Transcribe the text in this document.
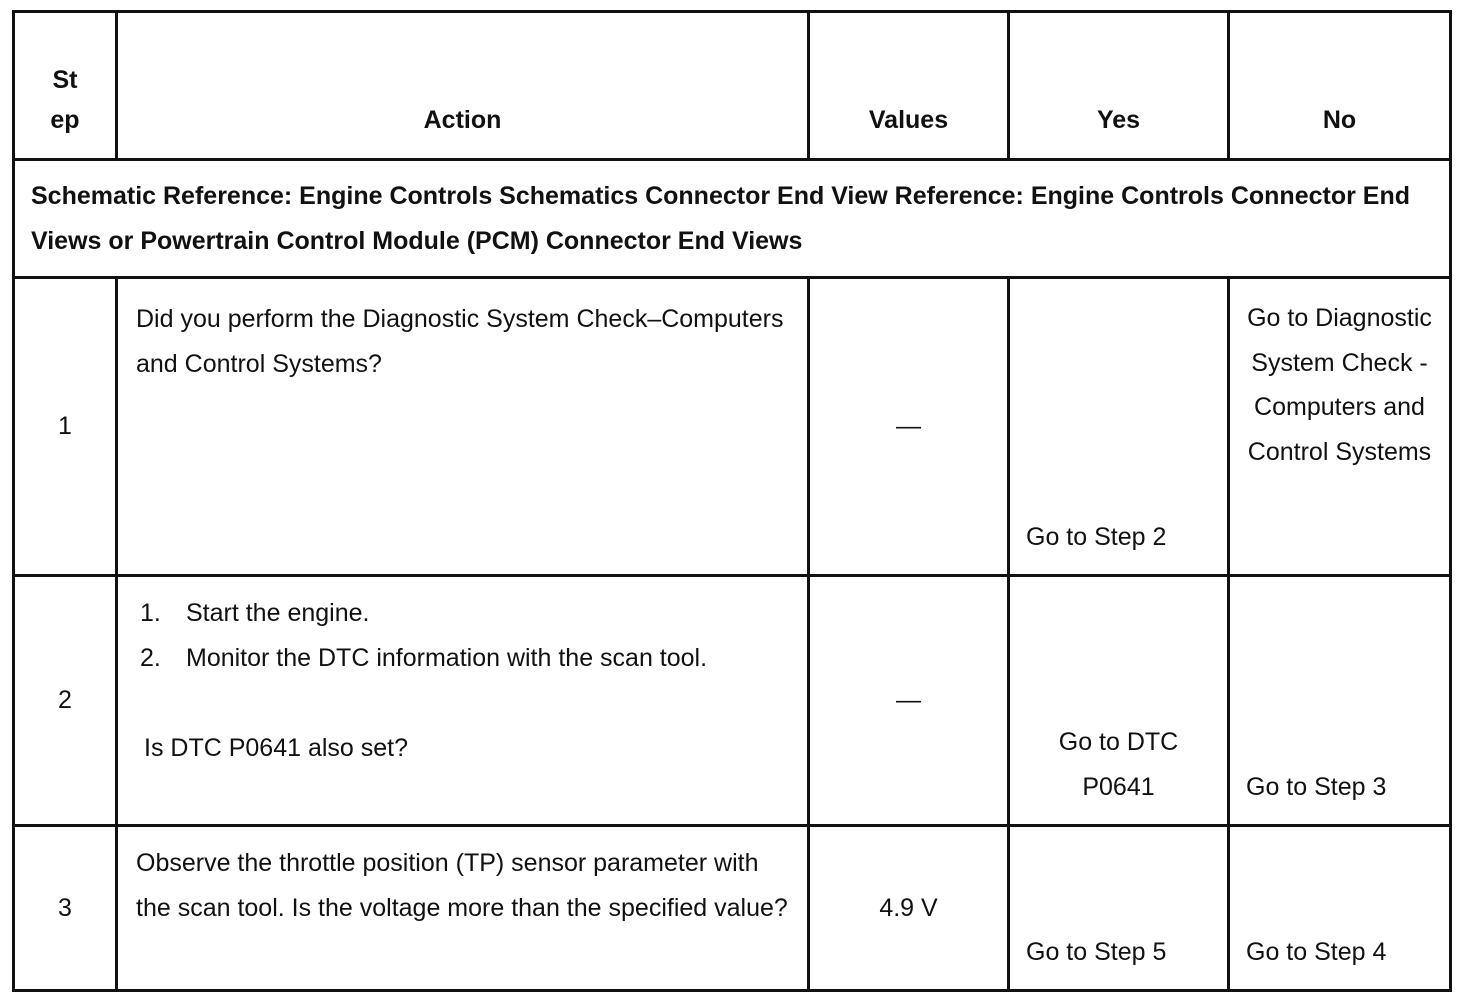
St ep	Action	Values	Yes	No
Schematic Reference: Engine Controls Schematics Connector End View Reference: Engine Controls Connector End Views or Powertrain Control Module (PCM) Connector End Views				
1	Did you perform the Diagnostic System Check–Computers and Control Systems?	—	Go to Step 2	Go to Diagnostic System Check - Computers and Control Systems
2	1. Start the engine.
2. Monitor the DTC information with the scan tool.
Is DTC P0641 also set?	—	Go to DTC P0641	Go to Step 3
3	Observe the throttle position (TP) sensor parameter with the scan tool. Is the voltage more than the specified value?	4.9 V	Go to Step 5	Go to Step 4
